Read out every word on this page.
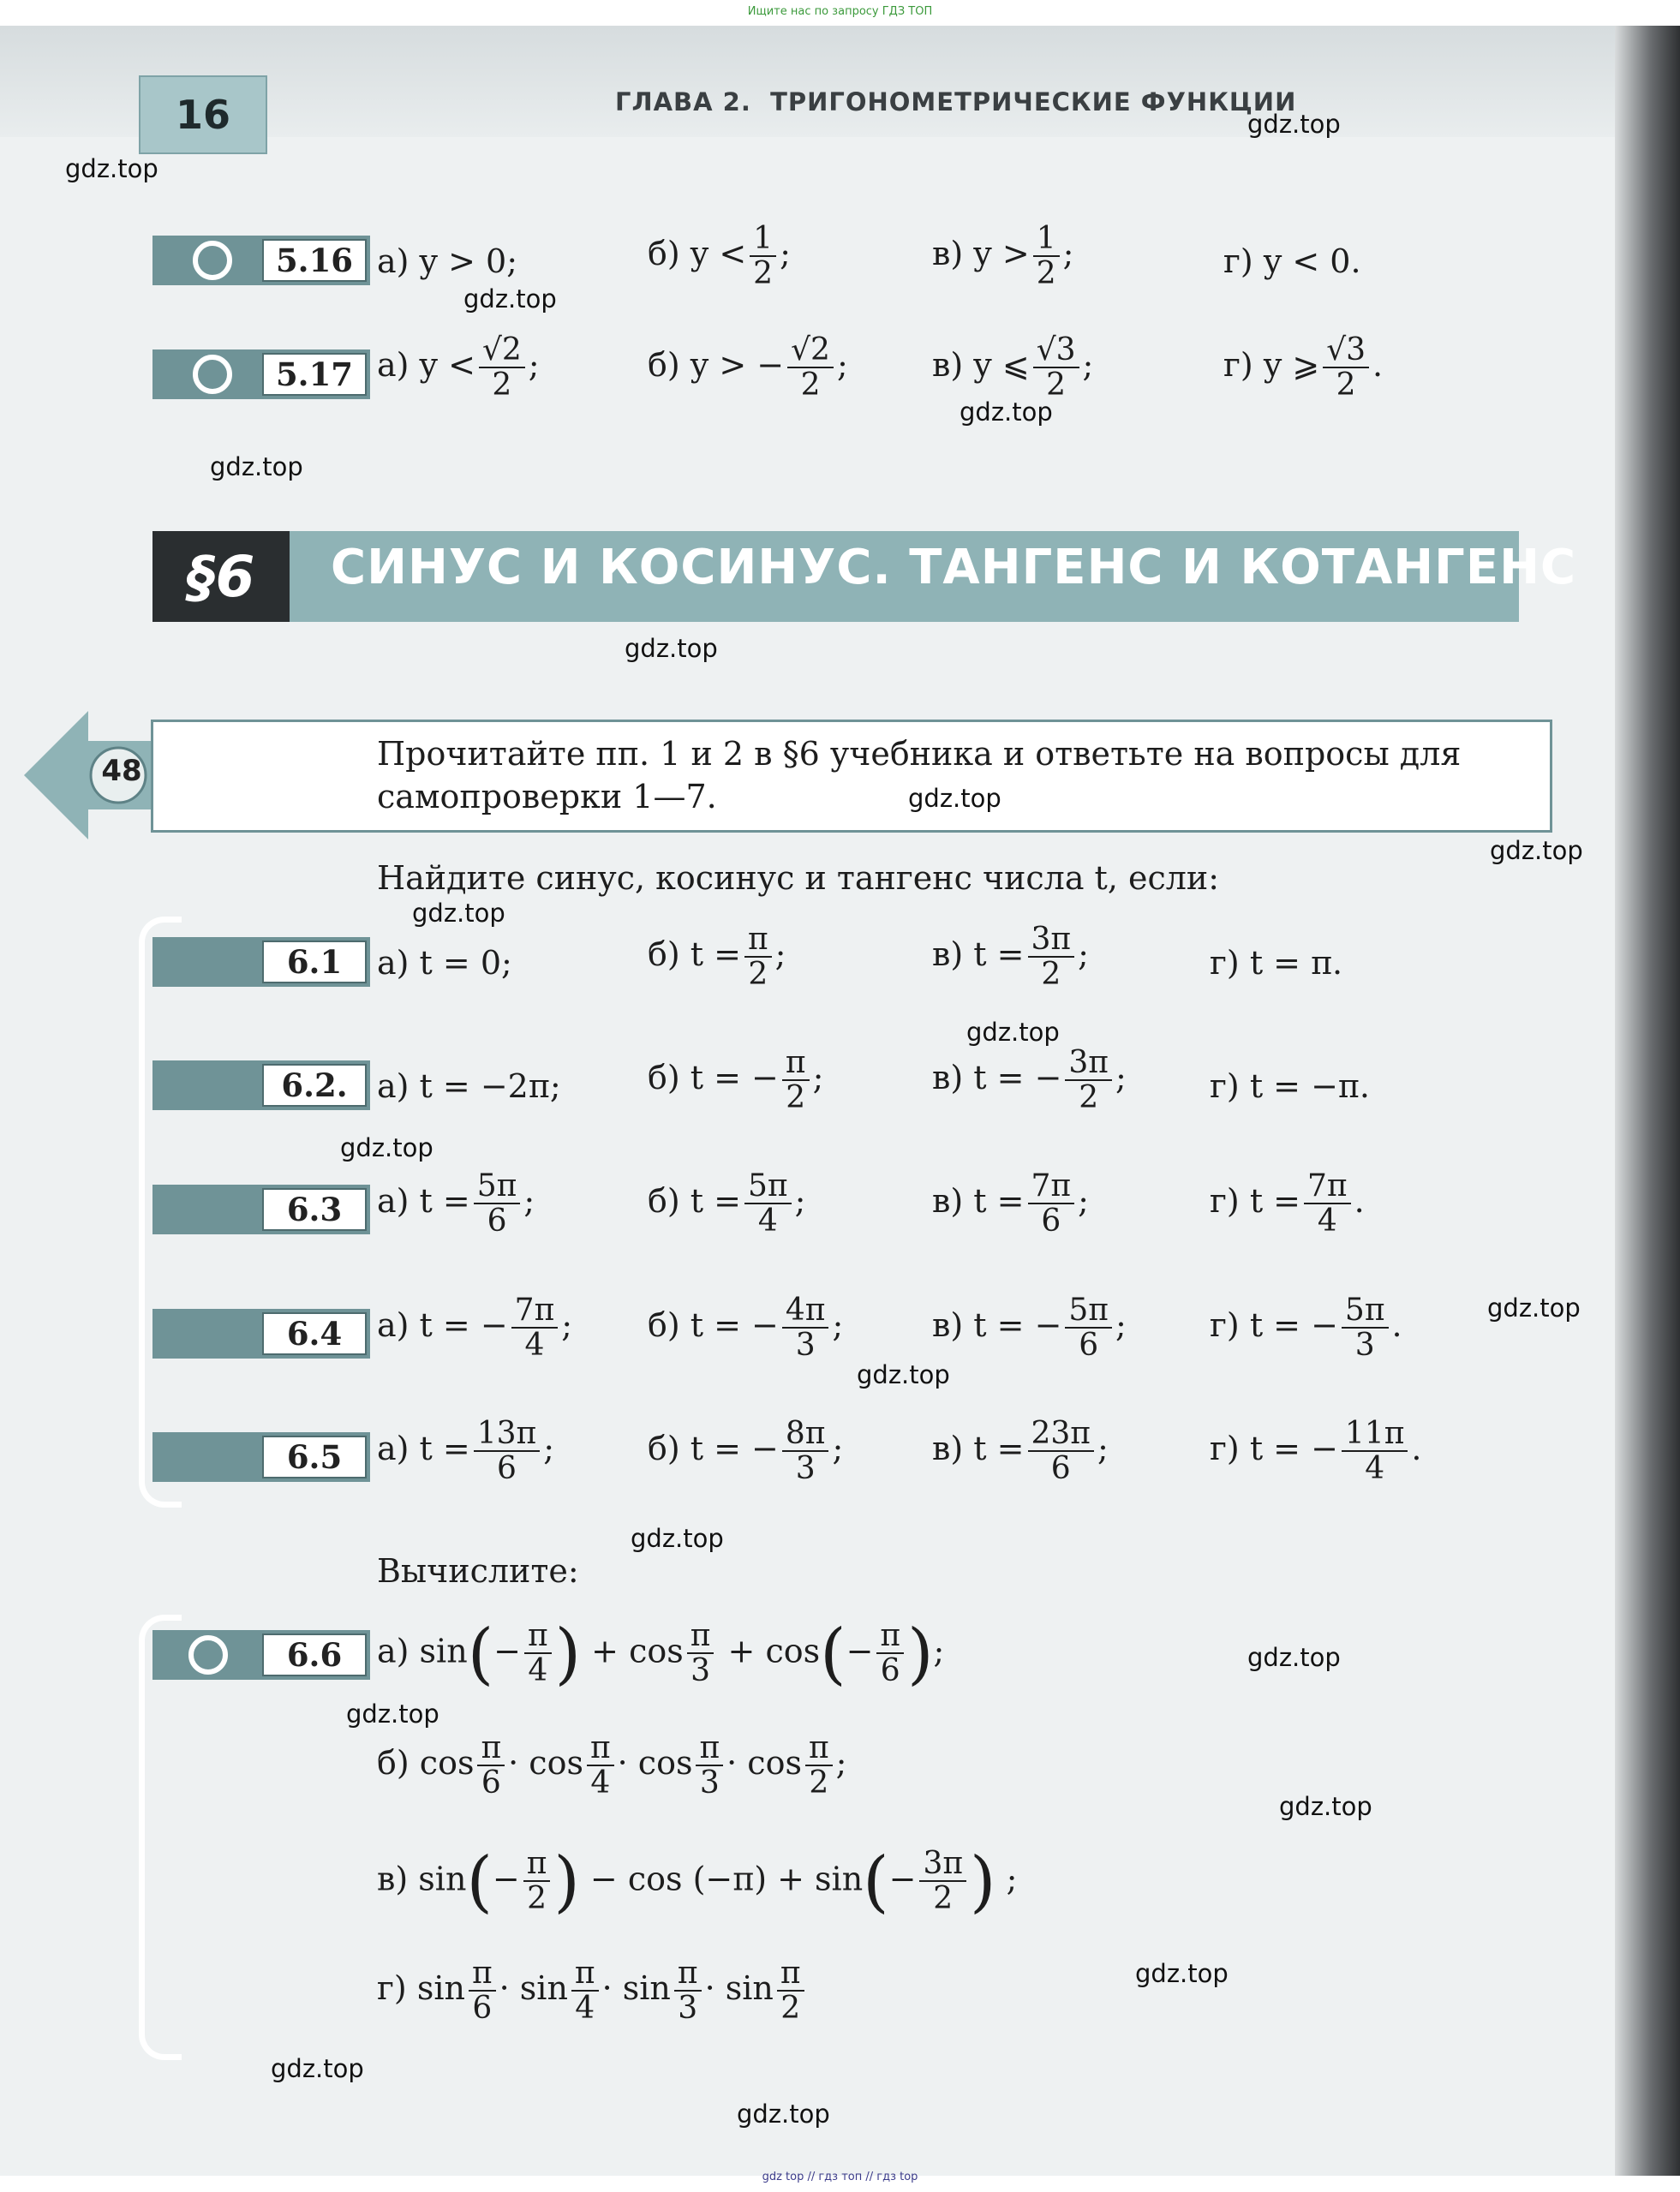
Ищите нас по запросу ГДЗ ТОП
16	ГЛАВА 2. ТРИГОНОМЕТРИЧЕСКИЕ ФУНКЦИИ
5.16 а) y > 0;	б) $y < \frac{1}{2}$ ;	в) $y > \frac{1}{2}$ ;	г) y < 0.
5.17 а) $y < \frac{√2}{2}$ ;	б) y > − $\frac{√2}{2}$ ;	в) y ⩽ $\frac{√3}{2}$ ;	г) y ⩾ $\frac{√3}{2}$ .
§6	СИНУС И КОСИНУС. ТАНГЕНС И КОТАНГЕНС
48	Прочитайте пп. 1 и 2 в §6 учебника и ответьте на вопросы для
самопроверки 1—7.
Найдите синус, косинус и тангенс числа t, если:
6.1	а) t = 0;	б) $t = \frac{\pi}{2}$ ;	в) $t = \frac{3\pi}{2}$ ;	г) t = π.
6.2. а) t = −2π;	б) t = − $\frac{\pi}{2}$ ;	в) t = − $\frac{3\pi}{2}$ ;	г) t = −π.
6.3	а) $t = \frac{5\pi}{6}$ ;	б) $t = \frac{5\pi}{4}$ ;	в) $t = \frac{7\pi}{6}$ ;	г) $t = \frac{7\pi}{4}$ .
6.4	а) t = − $\frac{7\pi}{4}$ ; б) t = − $\frac{4\pi}{3}$ ;	в) t = − $\frac{5\pi}{6}$ ;	г) t = − $\frac{5\pi}{3}$ .
6.5	а) $t = \frac{13\pi}{6}$ ;	б) t = − $\frac{8\pi}{3}$ ;	в) $t = \frac{23\pi}{6}$ ;	г) t = − $\frac{11\pi}{4}$ .
Вычислите:
6.6	а) $\sin(- \frac{\pi}{4}$ ) + $\cos \frac{\pi}{3} + \cos(- \frac{\pi}{6}$ );
б) $\cos \frac{\pi}{6} \cdot \cos \frac{\pi}{4} \cdot \cos \frac{\pi}{3} \cdot \cos \frac{\pi}{2}$ ;
в) $\sin(- \frac{\pi}{2}$ ) − $\cos (-\pi) + \sin(- \frac{3\pi}{2}$ ) ;
г) $\sin \frac{\pi}{6} \cdot \sin \frac{\pi}{4} \cdot \sin \frac{\pi}{3} \cdot \sin \frac{\pi}{2}$
gdz.top
gdz.top
gdz.top
gdz.top
gdz.top
gdz.top
gdz.top
gdz.top
gdz.top
gdz.top
gdz.top
gdz.top
gdz.top
gdz.top
gdz.top
gdz.top
gdz.top
gdz.top
gdz.top
gdz.top
gdz top // гдз топ // гдз top
